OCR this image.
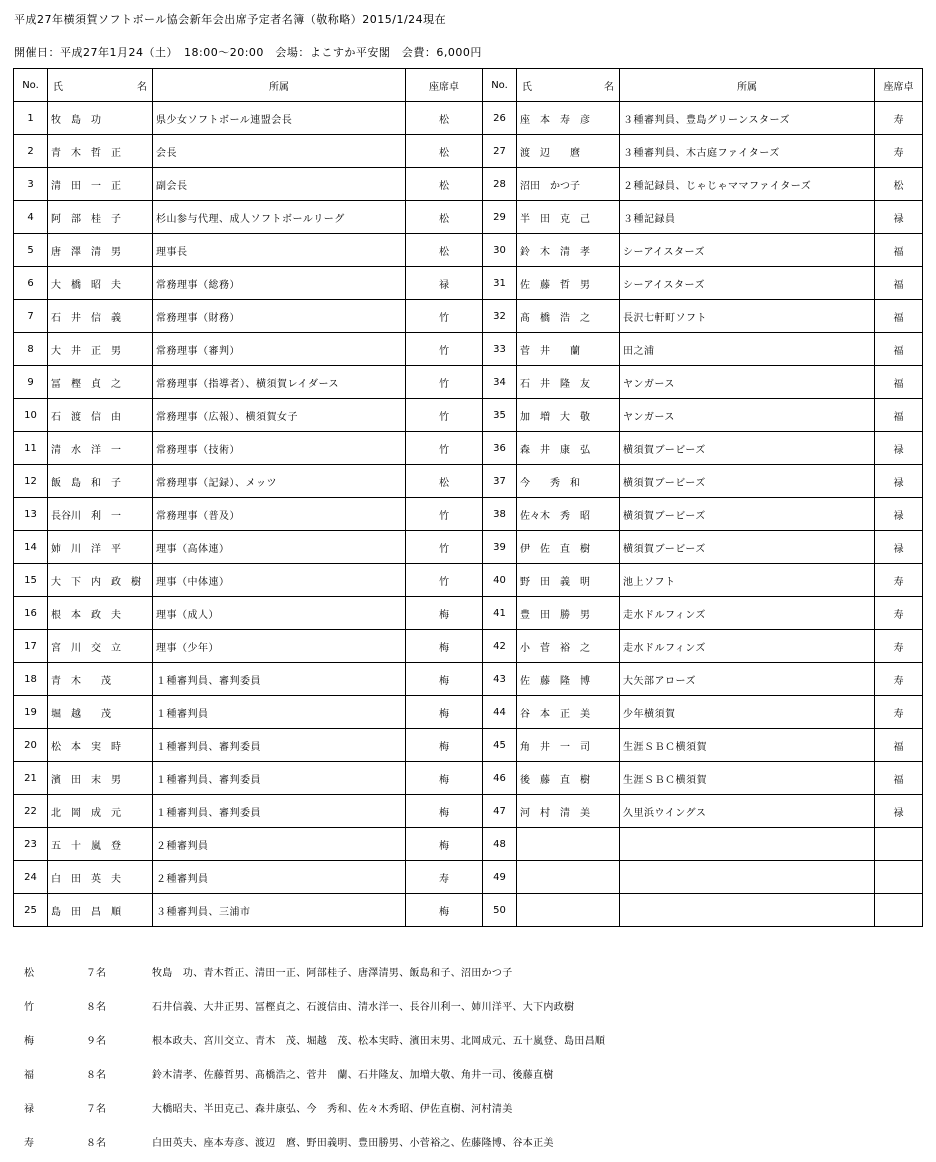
平成27年横須賀ソフトボール協会新年会出席予定者名簿（敬称略）2015/1/24現在
開催日：平成27年1月24（土）　18:00～20:00　会場：よこすか平安閣　会費：6,000円
No.	氏 名	所属	座席卓	No.	氏 名	所属	座席卓
1	牧　島　功	県少女ソフトボール連盟会長	松	26	座　本　寿　彦	３種審判員、豊島グリーンスターズ	寿
2	青　木　哲　正	会長	松	27	渡　辺　　麿	３種審判員、木古庭ファイターズ	寿
3	清　田　一　正	副会長	松	28	沼田　かつ子	２種記録員、じゃじゃママファイターズ	松
4	阿　部　桂　子	杉山参与代理、成人ソフトボールリーグ	松	29	半　田　克　己	３種記録員	禄
5	唐　澤　清　男	理事長	松	30	鈴　木　清　孝	シーアイスターズ	福
6	大　橋　昭　夫	常務理事（総務）	禄	31	佐　藤　哲　男	シーアイスターズ	福
7	石　井　信　義	常務理事（財務）	竹	32	髙　橋　浩　之	長沢七軒町ソフト	福
8	大　井　正　男	常務理事（審判）	竹	33	菅　井　　蘭	田之浦	福
9	冨　樫　貞　之	常務理事（指導者）、横須賀レイダース	竹	34	石　井　隆　友	ヤンガース	福
10	石　渡　信　由	常務理事（広報）、横須賀女子	竹	35	加　増　大　敬	ヤンガース	福
11	清　水　洋　一	常務理事（技術）	竹	36	森　井　康　弘	横須賀ブービーズ	禄
12	飯　島　和　子	常務理事（記録）、メッツ	松	37	今　　秀　和	横須賀ブービーズ	禄
13	長谷川　利　一	常務理事（普及）	竹	38	佐々木　秀　昭	横須賀ブービーズ	禄
14	姉　川　洋　平	理事（高体連）	竹	39	伊　佐　直　樹	横須賀ブービーズ	禄
15	大　下　内　政　樹	理事（中体連）	竹	40	野　田　義　明	池上ソフト	寿
16	根　本　政　夫	理事（成人）	梅	41	豊　田　勝　男	走水ドルフィンズ	寿
17	宮　川　交　立	理事（少年）	梅	42	小　菅　裕　之	走水ドルフィンズ	寿
18	青　木　　茂	１種審判員、審判委員	梅	43	佐　藤　隆　博	大矢部アローズ	寿
19	堀　越　　茂	１種審判員	梅	44	谷　本　正　美	少年横須賀	寿
20	松　本　実　時	１種審判員、審判委員	梅	45	角　井　一　司	生涯ＳＢＣ横須賀	福
21	濱　田　末　男	１種審判員、審判委員	梅	46	後　藤　直　樹	生涯ＳＢＣ横須賀	福
22	北　岡　成　元	１種審判員、審判委員	梅	47	河　村　清　美	久里浜ウイングス	禄
23	五　十　嵐　登	２種審判員	梅	48			
24	白　田　英　夫	２種審判員	寿	49			
25	島　田　昌　順	３種審判員、三浦市	梅	50			
松	７名	牧島　功、青木哲正、清田一正、阿部桂子、唐澤清男、飯島和子、沼田かつ子
竹	８名	石井信義、大井正男、冨樫貞之、石渡信由、清水洋一、長谷川利一、姉川洋平、大下内政樹
梅	９名	根本政夫、宮川交立、青木　茂、堀越　茂、松本実時、濱田末男、北岡成元、五十嵐登、島田昌順
福	８名	鈴木清孝、佐藤哲男、髙橋浩之、菅井　蘭、石井隆友、加増大敬、角井一司、後藤直樹
禄	７名	大橋昭夫、半田克己、森井康弘、今　秀和、佐々木秀昭、伊佐直樹、河村清美
寿	８名	白田英夫、座本寿彦、渡辺　麿、野田義明、豊田勝男、小菅裕之、佐藤隆博、谷本正美
